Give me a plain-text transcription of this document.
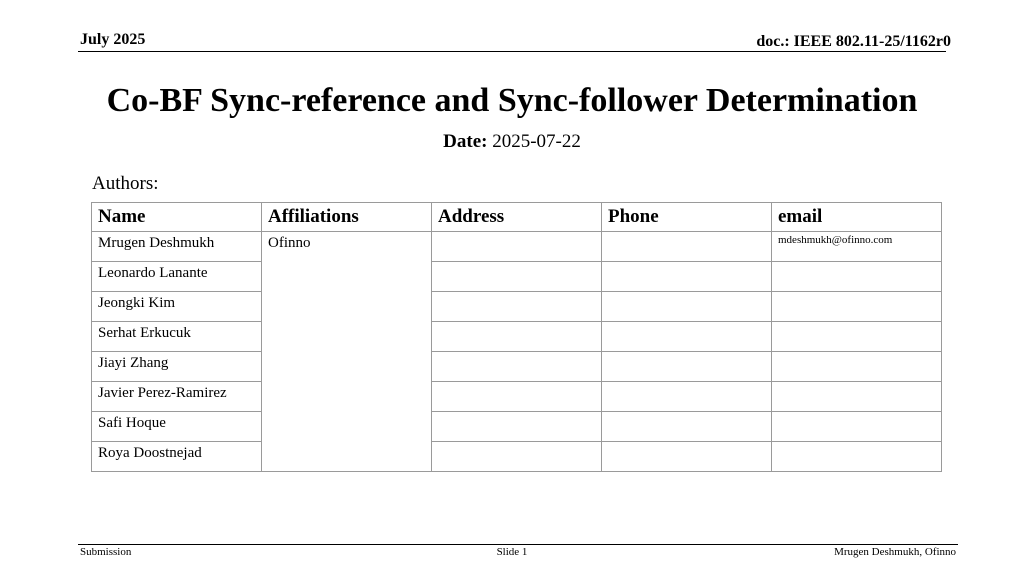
July 2025	doc.: IEEE 802.11-25/1162r0
Co-BF Sync-reference and Sync-follower Determination
Date: 2025-07-22
Authors:
Name	Affiliations	Address	Phone	email
Mrugen Deshmukh	Ofinno			mdeshmukh@ofinno.com
Leonardo Lanante				
Jeongki Kim				
Serhat Erkucuk				
Jiayi Zhang				
Javier Perez-Ramirez				
Safi Hoque				
Roya Doostnejad				
Submission	Slide 1	Mrugen Deshmukh, Ofinno
